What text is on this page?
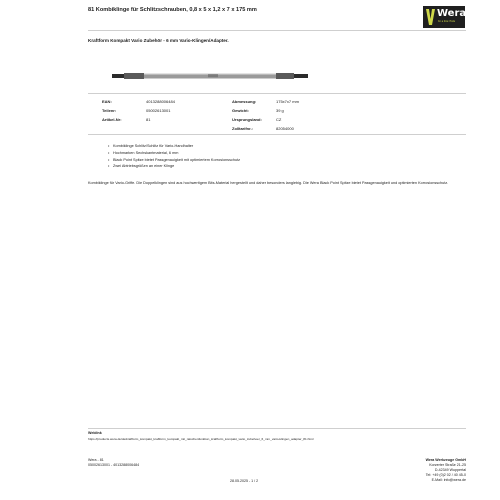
81 Kombiklinge für Schlitzschrauben, 0,8 x 5 x 1,2 x 7 x 175 mm	Wera
for a free Tools
Kraftform Kompakt Vario Zubehör - 6 mm Vario-Klingen/Adapter.
EAN:	4013288006484
Teilenr:	05002613001
Artikel-Nr:	81
Abmessung:	175x7x7 mm
Gewicht:	39 g
Ursprungsland:	CZ
Zolltarifnr.:	82054000
• Kombiklinge Schlitz/Schlitz für Vario-Handhalter
• Hochmarken Sechskantmaterial, 6 mm
• Black Point Spitze bietet Passgenauigkeit mit optimiertem Korrosionsschutz
• Zwei Abtriebsgrößen an einer Klinge
Kombiklinge für Vario-Griffe. Die Doppelklingen sind aus hochwertigem Bits-Material hergestellt und daher besonders langlebig. Die Wera Black Point Spitze bietet Passgenauigkeit und optimierten Korrosionsschutz.
Weblink
https://products.wera.de/de/kraftform_kompakt_kraftform_kompakt_mit_ratschenfunktion_kraftform_kompakt_vario_zubehoer_6_mm_vario-klingen_adapter_81.html
Wera - 81
05002613001 - 4013288006484
Wera Werkzeuge GmbH
Korzerter Straße 21-25
D-42349 Wuppertal
Tel: +49 (0)2 02 / 40 45-0
E-Mail: info@wera.de
28.05.2025 - 1 / 2
